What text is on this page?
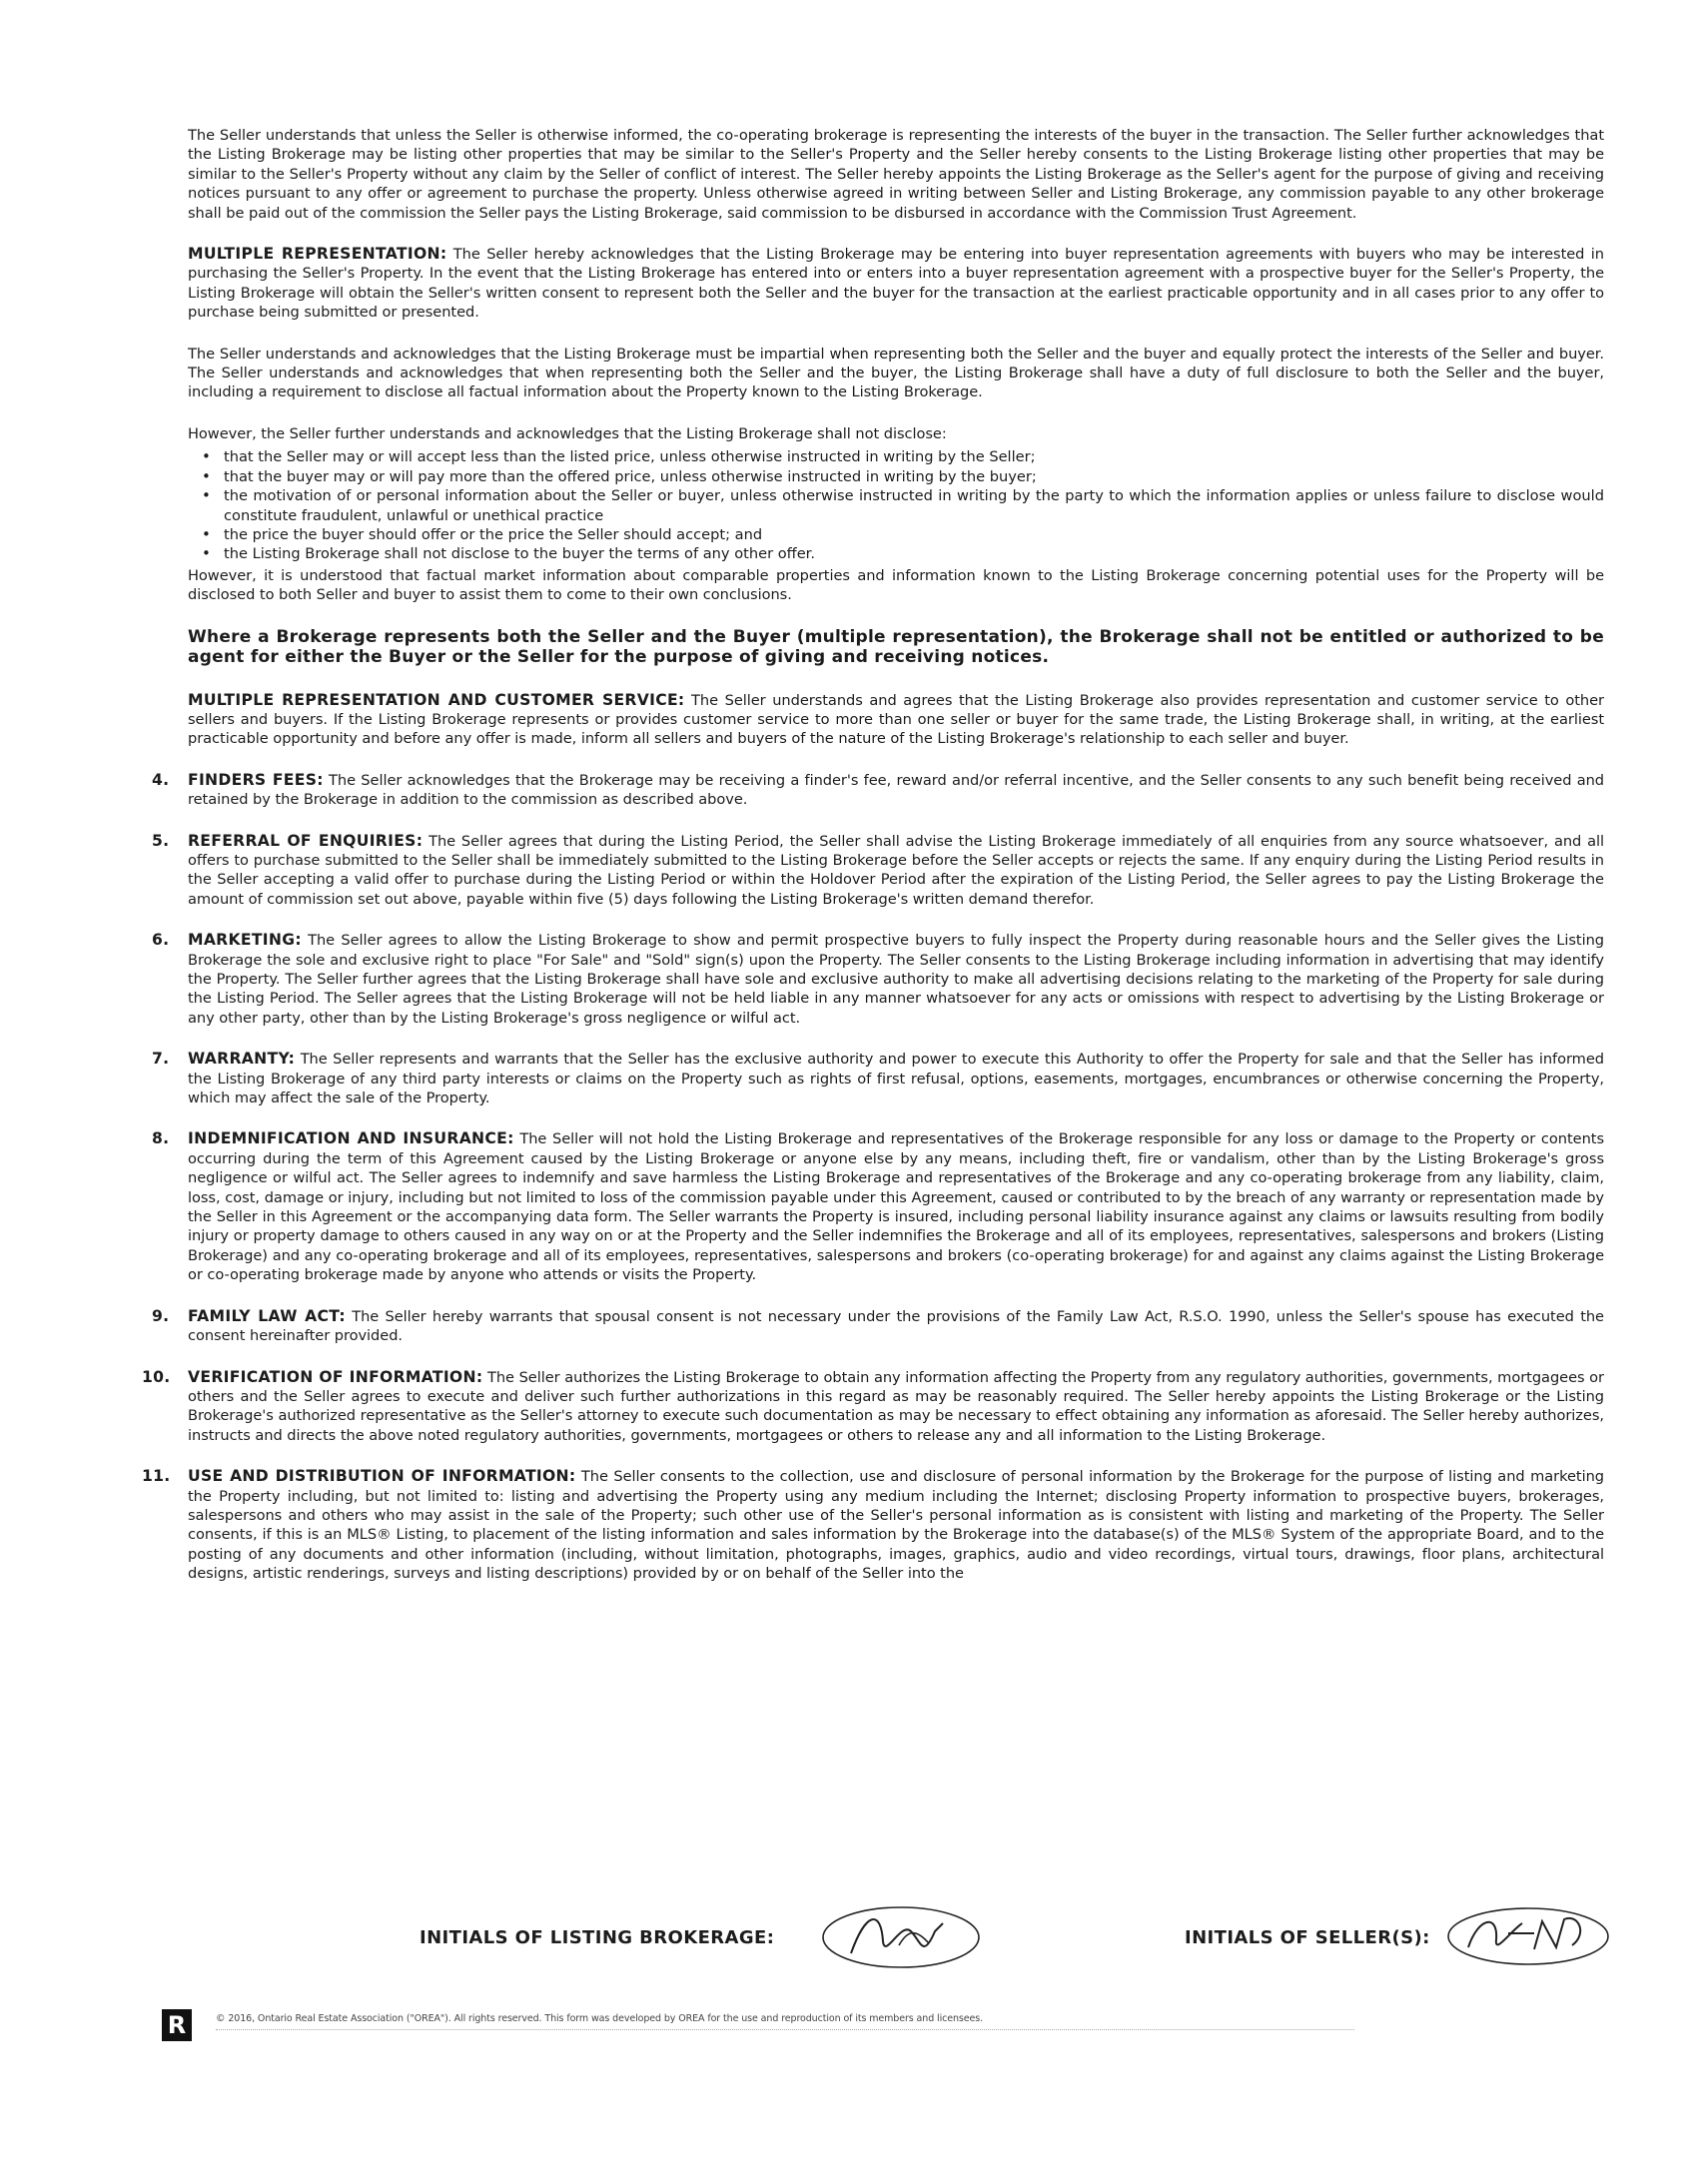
The Seller understands that unless the Seller is otherwise informed, the co-operating brokerage is representing the interests of the buyer in the transaction. The Seller further acknowledges that the Listing Brokerage may be listing other properties that may be similar to the Seller's Property and the Seller hereby consents to the Listing Brokerage listing other properties that may be similar to the Seller's Property without any claim by the Seller of conflict of interest. The Seller hereby appoints the Listing Brokerage as the Seller's agent for the purpose of giving and receiving notices pursuant to any offer or agreement to purchase the property. Unless otherwise agreed in writing between Seller and Listing Brokerage, any commission payable to any other brokerage shall be paid out of the commission the Seller pays the Listing Brokerage, said commission to be disbursed in accordance with the Commission Trust Agreement.

MULTIPLE REPRESENTATION: The Seller hereby acknowledges that the Listing Brokerage may be entering into buyer representation agreements with buyers who may be interested in purchasing the Seller's Property. In the event that the Listing Brokerage has entered into or enters into a buyer representation agreement with a prospective buyer for the Seller's Property, the Listing Brokerage will obtain the Seller's written consent to represent both the Seller and the buyer for the transaction at the earliest practicable opportunity and in all cases prior to any offer to purchase being submitted or presented.

The Seller understands and acknowledges that the Listing Brokerage must be impartial when representing both the Seller and the buyer and equally protect the interests of the Seller and buyer. The Seller understands and acknowledges that when representing both the Seller and the buyer, the Listing Brokerage shall have a duty of full disclosure to both the Seller and the buyer, including a requirement to disclose all factual information about the Property known to the Listing Brokerage.

However, the Seller further understands and acknowledges that the Listing Brokerage shall not disclose:

• that the Seller may or will accept less than the listed price, unless otherwise instructed in writing by the Seller;
• that the buyer may or will pay more than the offered price, unless otherwise instructed in writing by the buyer;
• the motivation of or personal information about the Seller or buyer, unless otherwise instructed in writing by the party to which the information applies or unless failure to disclose would constitute fraudulent, unlawful or unethical practice
• the price the buyer should offer or the price the Seller should accept; and
• the Listing Brokerage shall not disclose to the buyer the terms of any other offer.

However, it is understood that factual market information about comparable properties and information known to the Listing Brokerage concerning potential uses for the Property will be disclosed to both Seller and buyer to assist them to come to their own conclusions.

Where a Brokerage represents both the Seller and the Buyer (multiple representation), the Brokerage shall not be entitled or authorized to be agent for either the Buyer or the Seller for the purpose of giving and receiving notices.

MULTIPLE REPRESENTATION AND CUSTOMER SERVICE: The Seller understands and agrees that the Listing Brokerage also provides representation and customer service to other sellers and buyers. If the Listing Brokerage represents or provides customer service to more than one seller or buyer for the same trade, the Listing Brokerage shall, in writing, at the earliest practicable opportunity and before any offer is made, inform all sellers and buyers of the nature of the Listing Brokerage's relationship to each seller and buyer.

4. FINDERS FEES: The Seller acknowledges that the Brokerage may be receiving a finder's fee, reward and/or referral incentive, and the Seller consents to any such benefit being received and retained by the Brokerage in addition to the commission as described above.

5. REFERRAL OF ENQUIRIES: The Seller agrees that during the Listing Period, the Seller shall advise the Listing Brokerage immediately of all enquiries from any source whatsoever, and all offers to purchase submitted to the Seller shall be immediately submitted to the Listing Brokerage before the Seller accepts or rejects the same. If any enquiry during the Listing Period results in the Seller accepting a valid offer to purchase during the Listing Period or within the Holdover Period after the expiration of the Listing Period, the Seller agrees to pay the Listing Brokerage the amount of commission set out above, payable within five (5) days following the Listing Brokerage's written demand therefor.

6. MARKETING: The Seller agrees to allow the Listing Brokerage to show and permit prospective buyers to fully inspect the Property during reasonable hours and the Seller gives the Listing Brokerage the sole and exclusive right to place "For Sale" and "Sold" sign(s) upon the Property. The Seller consents to the Listing Brokerage including information in advertising that may identify the Property. The Seller further agrees that the Listing Brokerage shall have sole and exclusive authority to make all advertising decisions relating to the marketing of the Property for sale during the Listing Period. The Seller agrees that the Listing Brokerage will not be held liable in any manner whatsoever for any acts or omissions with respect to advertising by the Listing Brokerage or any other party, other than by the Listing Brokerage's gross negligence or wilful act.

7. WARRANTY: The Seller represents and warrants that the Seller has the exclusive authority and power to execute this Authority to offer the Property for sale and that the Seller has informed the Listing Brokerage of any third party interests or claims on the Property such as rights of first refusal, options, easements, mortgages, encumbrances or otherwise concerning the Property, which may affect the sale of the Property.

8. INDEMNIFICATION AND INSURANCE: The Seller will not hold the Listing Brokerage and representatives of the Brokerage responsible for any loss or damage to the Property or contents occurring during the term of this Agreement caused by the Listing Brokerage or anyone else by any means, including theft, fire or vandalism, other than by the Listing Brokerage's gross negligence or wilful act. The Seller agrees to indemnify and save harmless the Listing Brokerage and representatives of the Brokerage and any co-operating brokerage from any liability, claim, loss, cost, damage or injury, including but not limited to loss of the commission payable under this Agreement, caused or contributed to by the breach of any warranty or representation made by the Seller in this Agreement or the accompanying data form. The Seller warrants the Property is insured, including personal liability insurance against any claims or lawsuits resulting from bodily injury or property damage to others caused in any way on or at the Property and the Seller indemnifies the Brokerage and all of its employees, representatives, salespersons and brokers (Listing Brokerage) and any co-operating brokerage and all of its employees, representatives, salespersons and brokers (co-operating brokerage) for and against any claims against the Listing Brokerage or co-operating brokerage made by anyone who attends or visits the Property.

9. FAMILY LAW ACT: The Seller hereby warrants that spousal consent is not necessary under the provisions of the Family Law Act, R.S.O. 1990, unless the Seller's spouse has executed the consent hereinafter provided.

10. VERIFICATION OF INFORMATION: The Seller authorizes the Listing Brokerage to obtain any information affecting the Property from any regulatory authorities, governments, mortgagees or others and the Seller agrees to execute and deliver such further authorizations in this regard as may be reasonably required. The Seller hereby appoints the Listing Brokerage or the Listing Brokerage's authorized representative as the Seller's attorney to execute such documentation as may be necessary to effect obtaining any information as aforesaid. The Seller hereby authorizes, instructs and directs the above noted regulatory authorities, governments, mortgagees or others to release any and all information to the Listing Brokerage.

11. USE AND DISTRIBUTION OF INFORMATION: The Seller consents to the collection, use and disclosure of personal information by the Brokerage for the purpose of listing and marketing the Property including, but not limited to: listing and advertising the Property using any medium including the Internet; disclosing Property information to prospective buyers, brokerages, salespersons and others who may assist in the sale of the Property; such other use of the Seller's personal information as is consistent with listing and marketing of the Property. The Seller consents, if this is an MLS® Listing, to placement of the listing information and sales information by the Brokerage into the database(s) of the MLS® System of the appropriate Board, and to the posting of any documents and other information (including, without limitation, photographs, images, graphics, audio and video recordings, virtual tours, drawings, floor plans, architectural designs, artistic renderings, surveys and listing descriptions) provided by or on behalf of the Seller into the

INITIALS OF LISTING BROKERAGE:	INITIALS OF SELLER(S):
R	© 2016, Ontario Real Estate Association ("OREA"). All rights reserved. This form was developed by OREA for the use and reproduction of its members and licensees.
